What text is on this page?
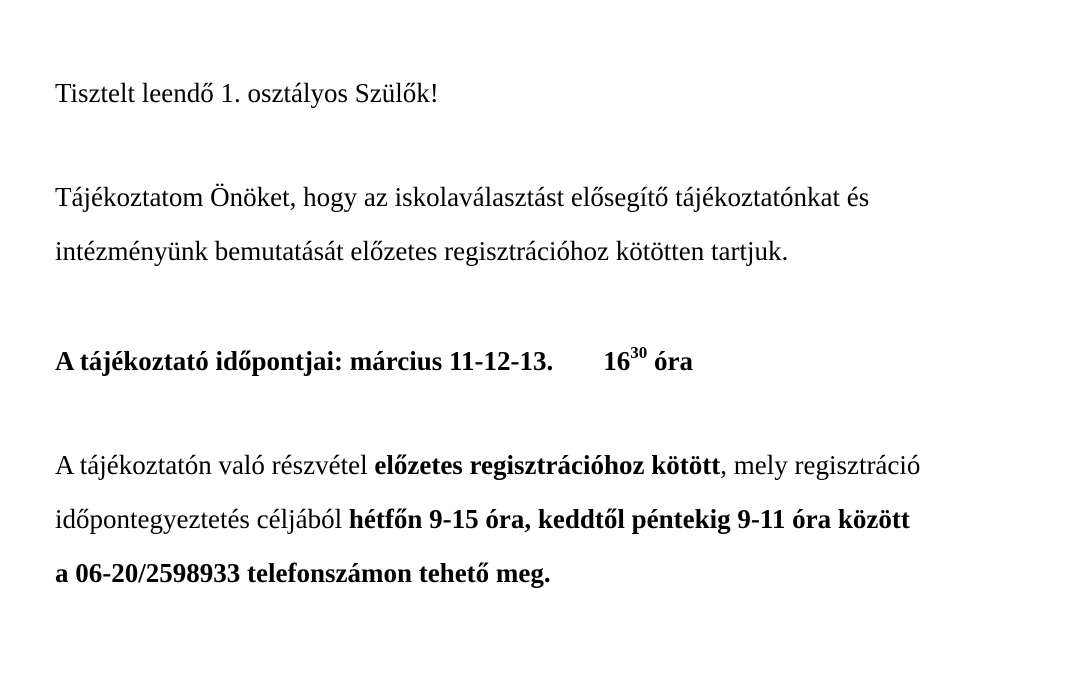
Tisztelt leendő 1. osztályos Szülők!
Tájékoztatom Önöket, hogy az iskolaválasztást elősegítő tájékoztatónkat és
intézményünk bemutatását előzetes regisztrációhoz kötötten tartjuk.
A tájékoztató időpontjai: március 11-12-13. $16^{30}$ óra
A tájékoztatón való részvétel előzetes regisztrációhoz kötött, mely regisztráció
időpontegyeztetés céljából hétfőn 9-15 óra, keddtől péntekig 9-11 óra között
a 06-20/2598933 telefonszámon tehető meg.
